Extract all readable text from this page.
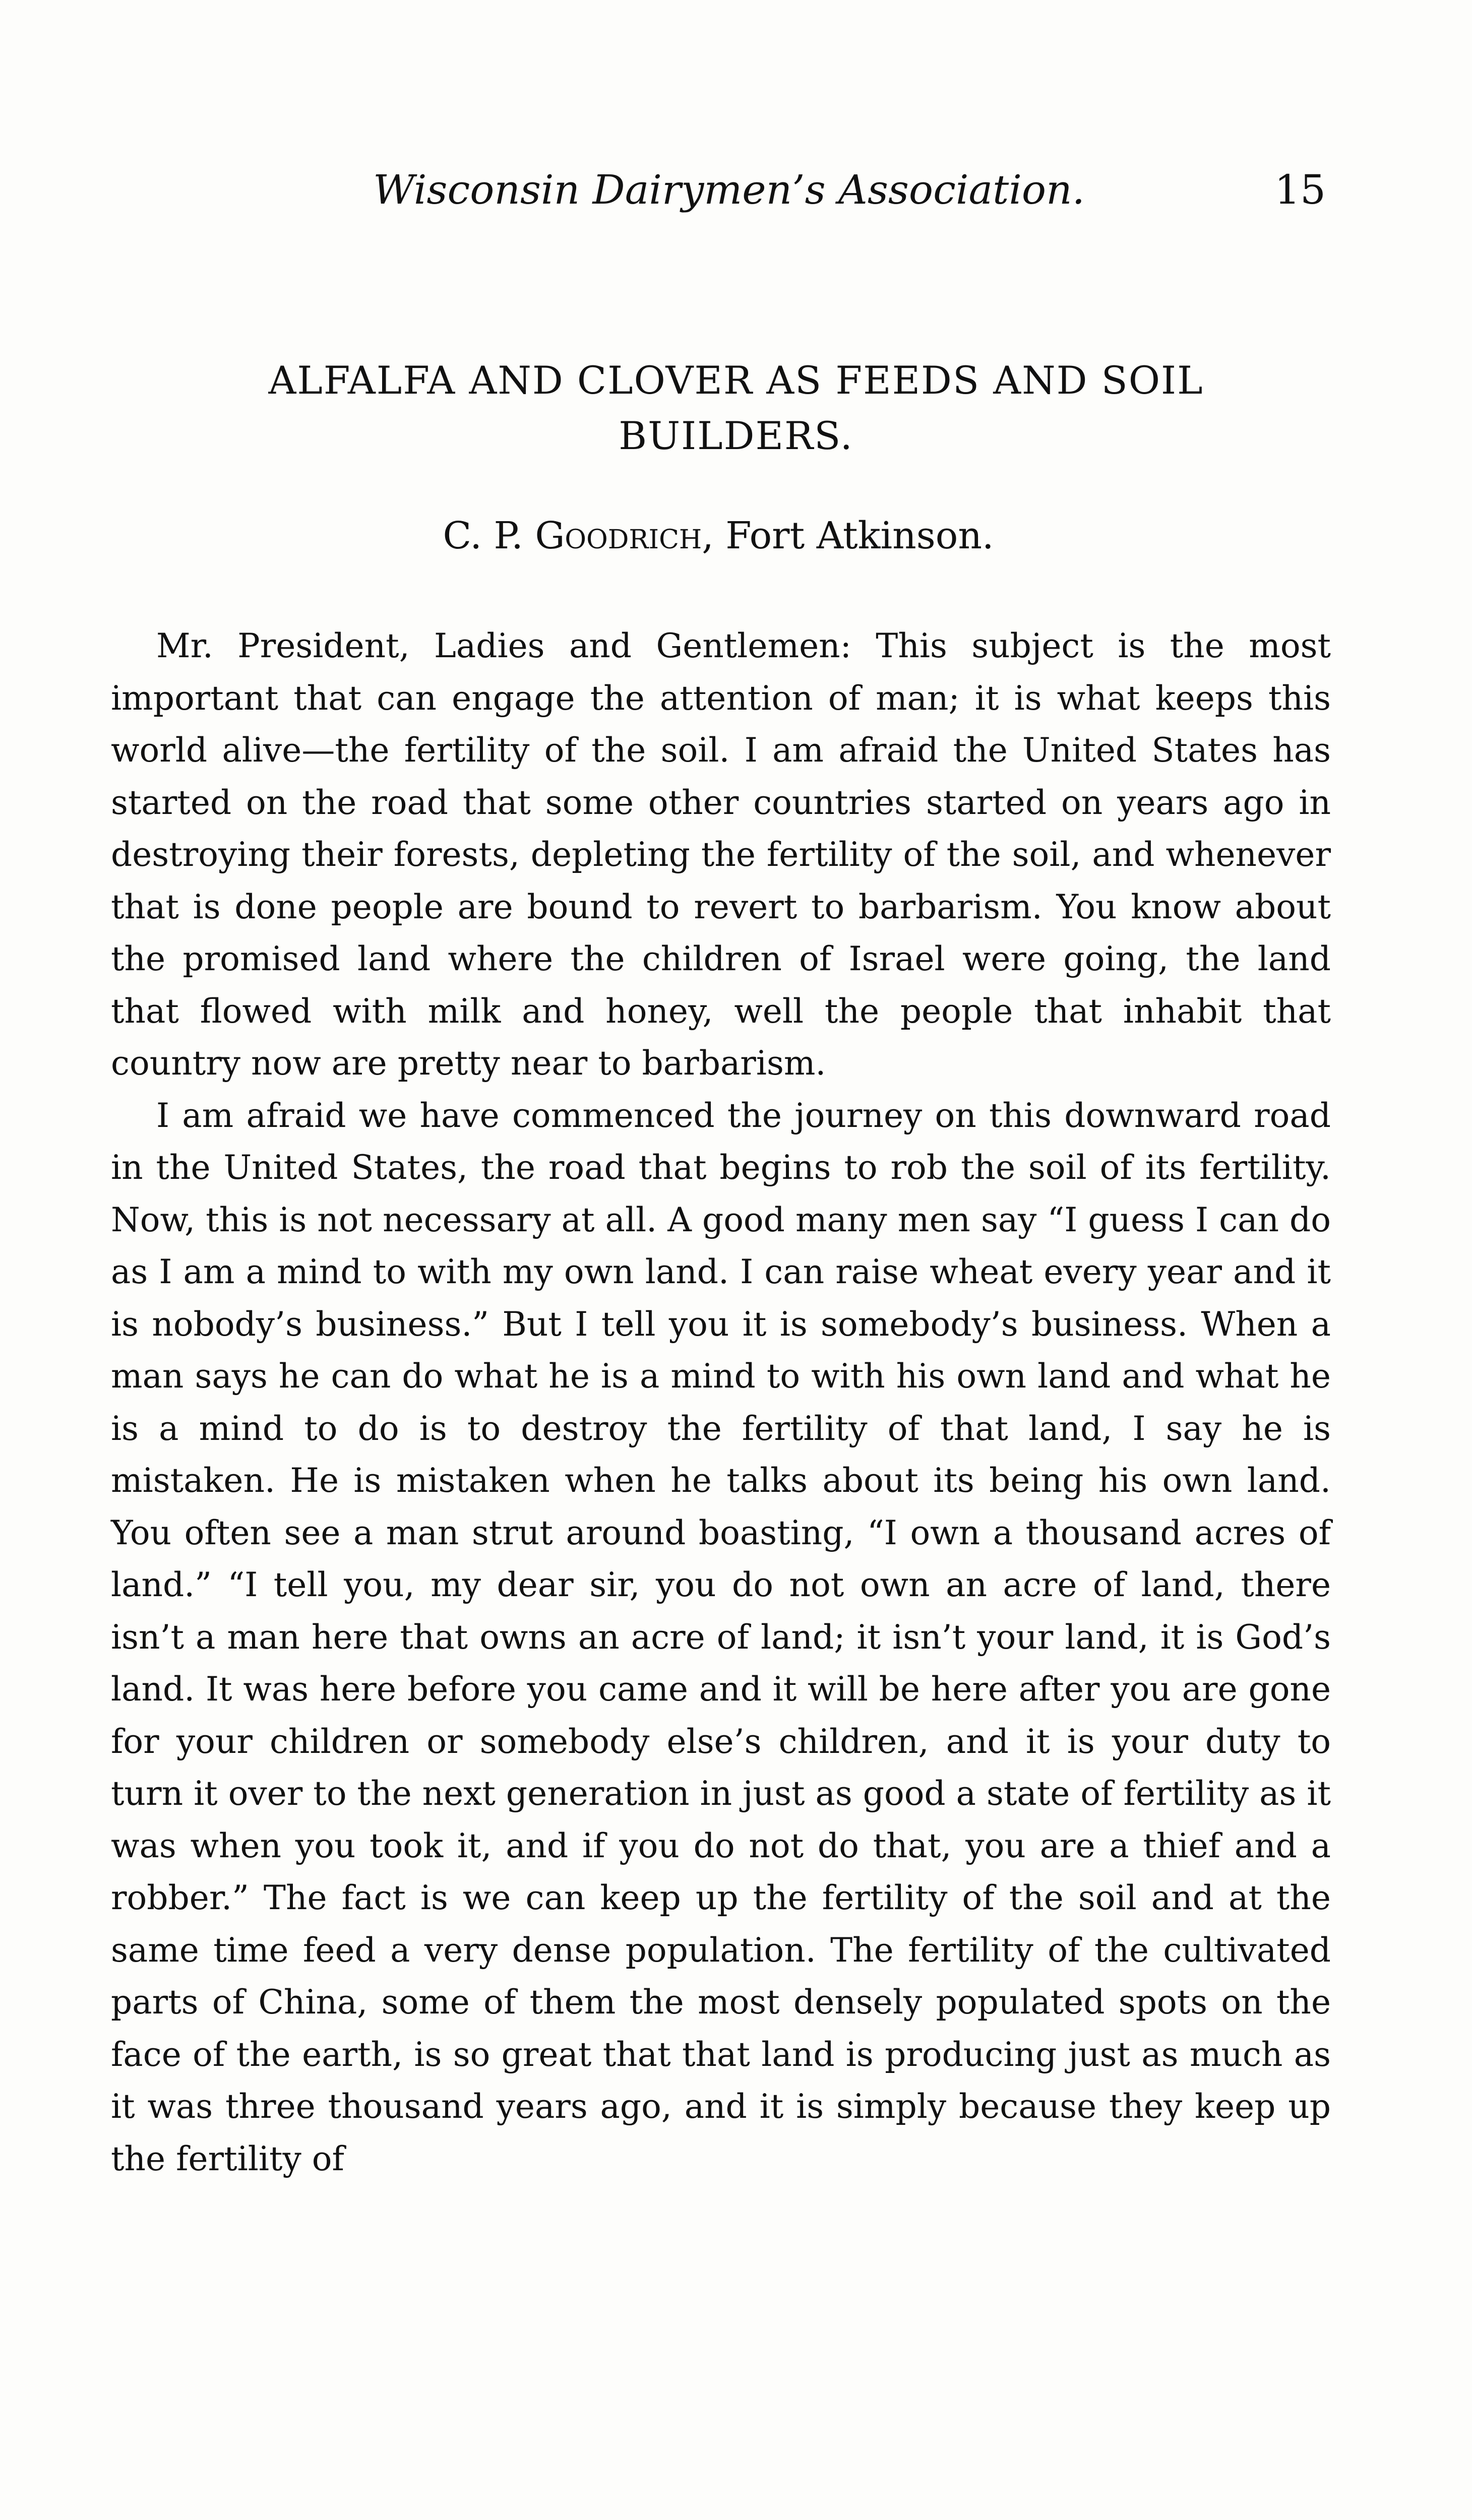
Wisconsin Dairymen’s Association.	15
ALFALFA AND CLOVER AS FEEDS AND SOIL BUILDERS.
C. P. Goodrich, Fort Atkinson.

Mr. President, Ladies and Gentlemen: This subject is the most important that can engage the attention of man; it is what keeps this world alive—the fertility of the soil. I am afraid the United States has started on the road that some other countries started on years ago in destroying their forests, depleting the fertility of the soil, and whenever that is done people are bound to revert to barbarism. You know about the promised land where the children of Israel were going, the land that flowed with milk and honey, well the people that inhabit that country now are pretty near to barbarism.

I am afraid we have commenced the journey on this downward road in the United States, the road that begins to rob the soil of its fertility. Now, this is not necessary at all. A good many men say “I guess I can do as I am a mind to with my own land. I can raise wheat every year and it is nobody’s business.” But I tell you it is somebody’s business. When a man says he can do what he is a mind to with his own land and what he is a mind to do is to destroy the fertility of that land, I say he is mistaken. He is mistaken when he talks about its being his own land. You often see a man strut around boasting, “I own a thousand acres of land.” “I tell you, my dear sir, you do not own an acre of land, there isn’t a man here that owns an acre of land; it isn’t your land, it is God’s land. It was here before you came and it will be here after you are gone for your children or somebody else’s children, and it is your duty to turn it over to the next generation in just as good a state of fertility as it was when you took it, and if you do not do that, you are a thief and a robber.” The fact is we can keep up the fertility of the soil and at the same time feed a very dense population. The fertility of the cultivated parts of China, some of them the most densely populated spots on the face of the earth, is so great that that land is producing just as much as it was three thousand years ago, and it is simply because they keep up the fertility of
